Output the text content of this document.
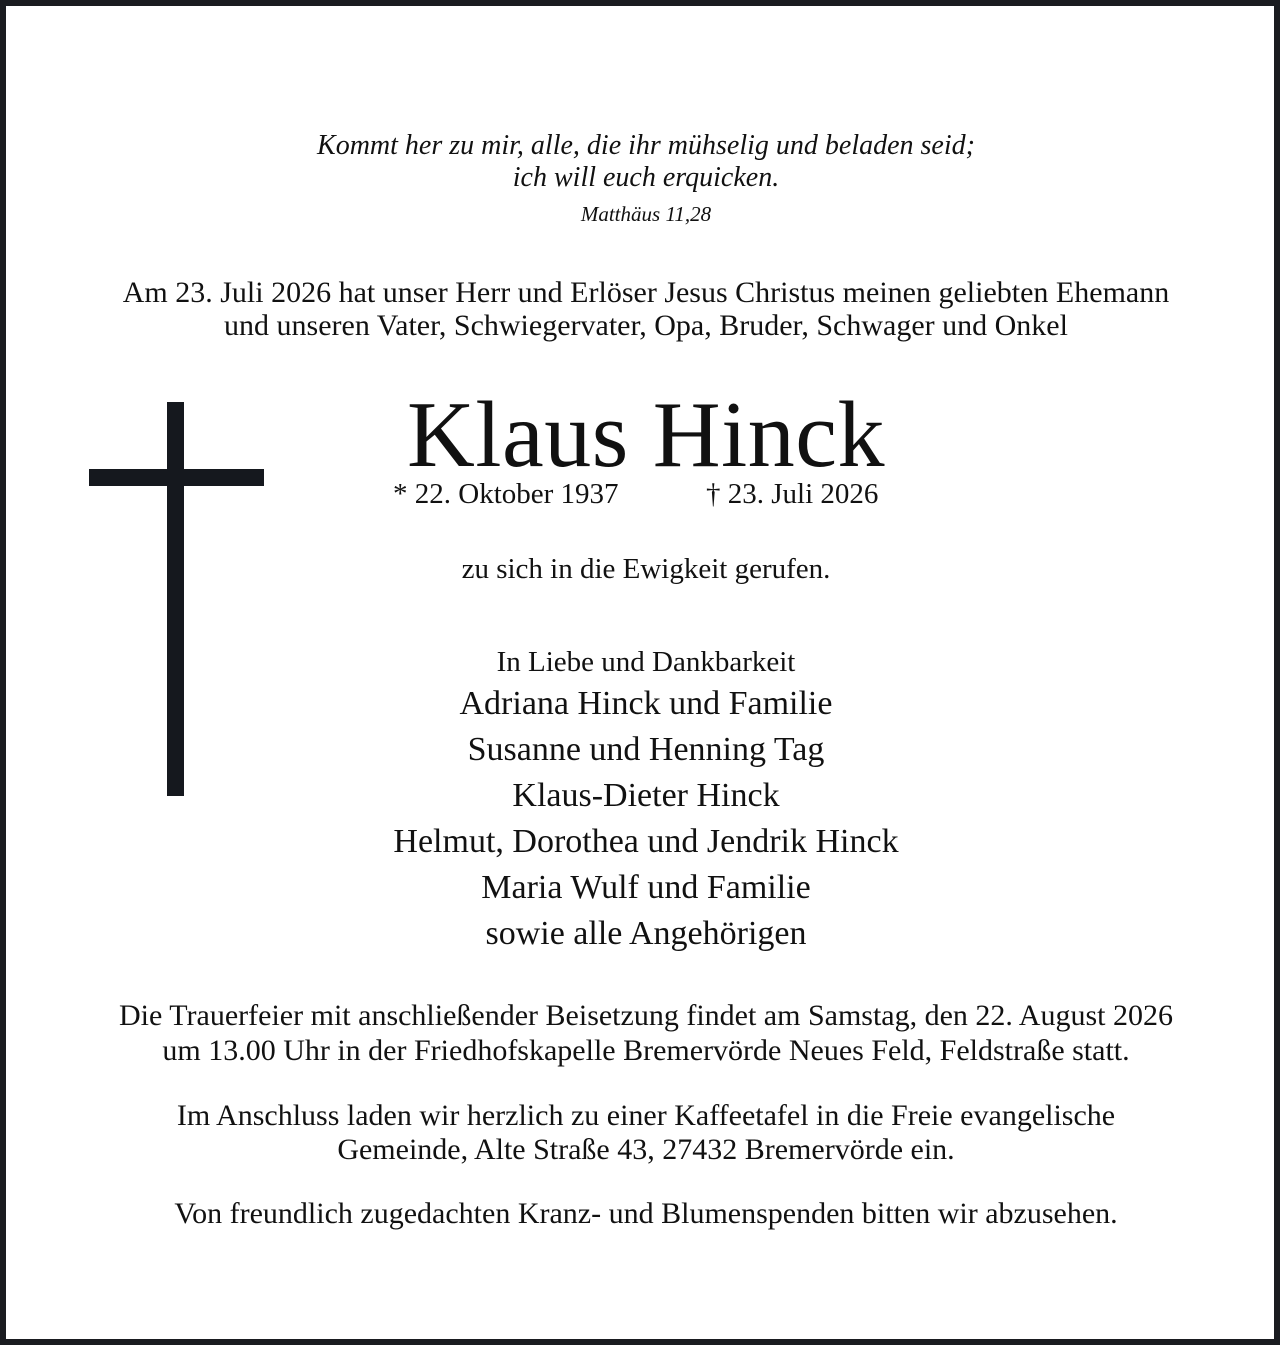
Kommt her zu mir, alle, die ihr mühselig und beladen seid;
ich will euch erquicken.
Matthäus 11,28
Am 23. Juli 2026 hat unser Herr und Erlöser Jesus Christus meinen geliebten Ehemann
und unseren Vater, Schwiegervater, Opa, Bruder, Schwager und Onkel
Klaus Hinck
* 22. Oktober 1937	† 23. Juli 2026
zu sich in die Ewigkeit gerufen.
In Liebe und Dankbarkeit
Adriana Hinck und Familie
Susanne und Henning Tag
Klaus-Dieter Hinck
Helmut, Dorothea und Jendrik Hinck
Maria Wulf und Familie
sowie alle Angehörigen
Die Trauerfeier mit anschließender Beisetzung findet am Samstag, den 22. August 2026
um 13.00 Uhr in der Friedhofskapelle Bremervörde Neues Feld, Feldstraße statt.
Im Anschluss laden wir herzlich zu einer Kaffeetafel in die Freie evangelische
Gemeinde, Alte Straße 43, 27432 Bremervörde ein.
Von freundlich zugedachten Kranz- und Blumenspenden bitten wir abzusehen.
